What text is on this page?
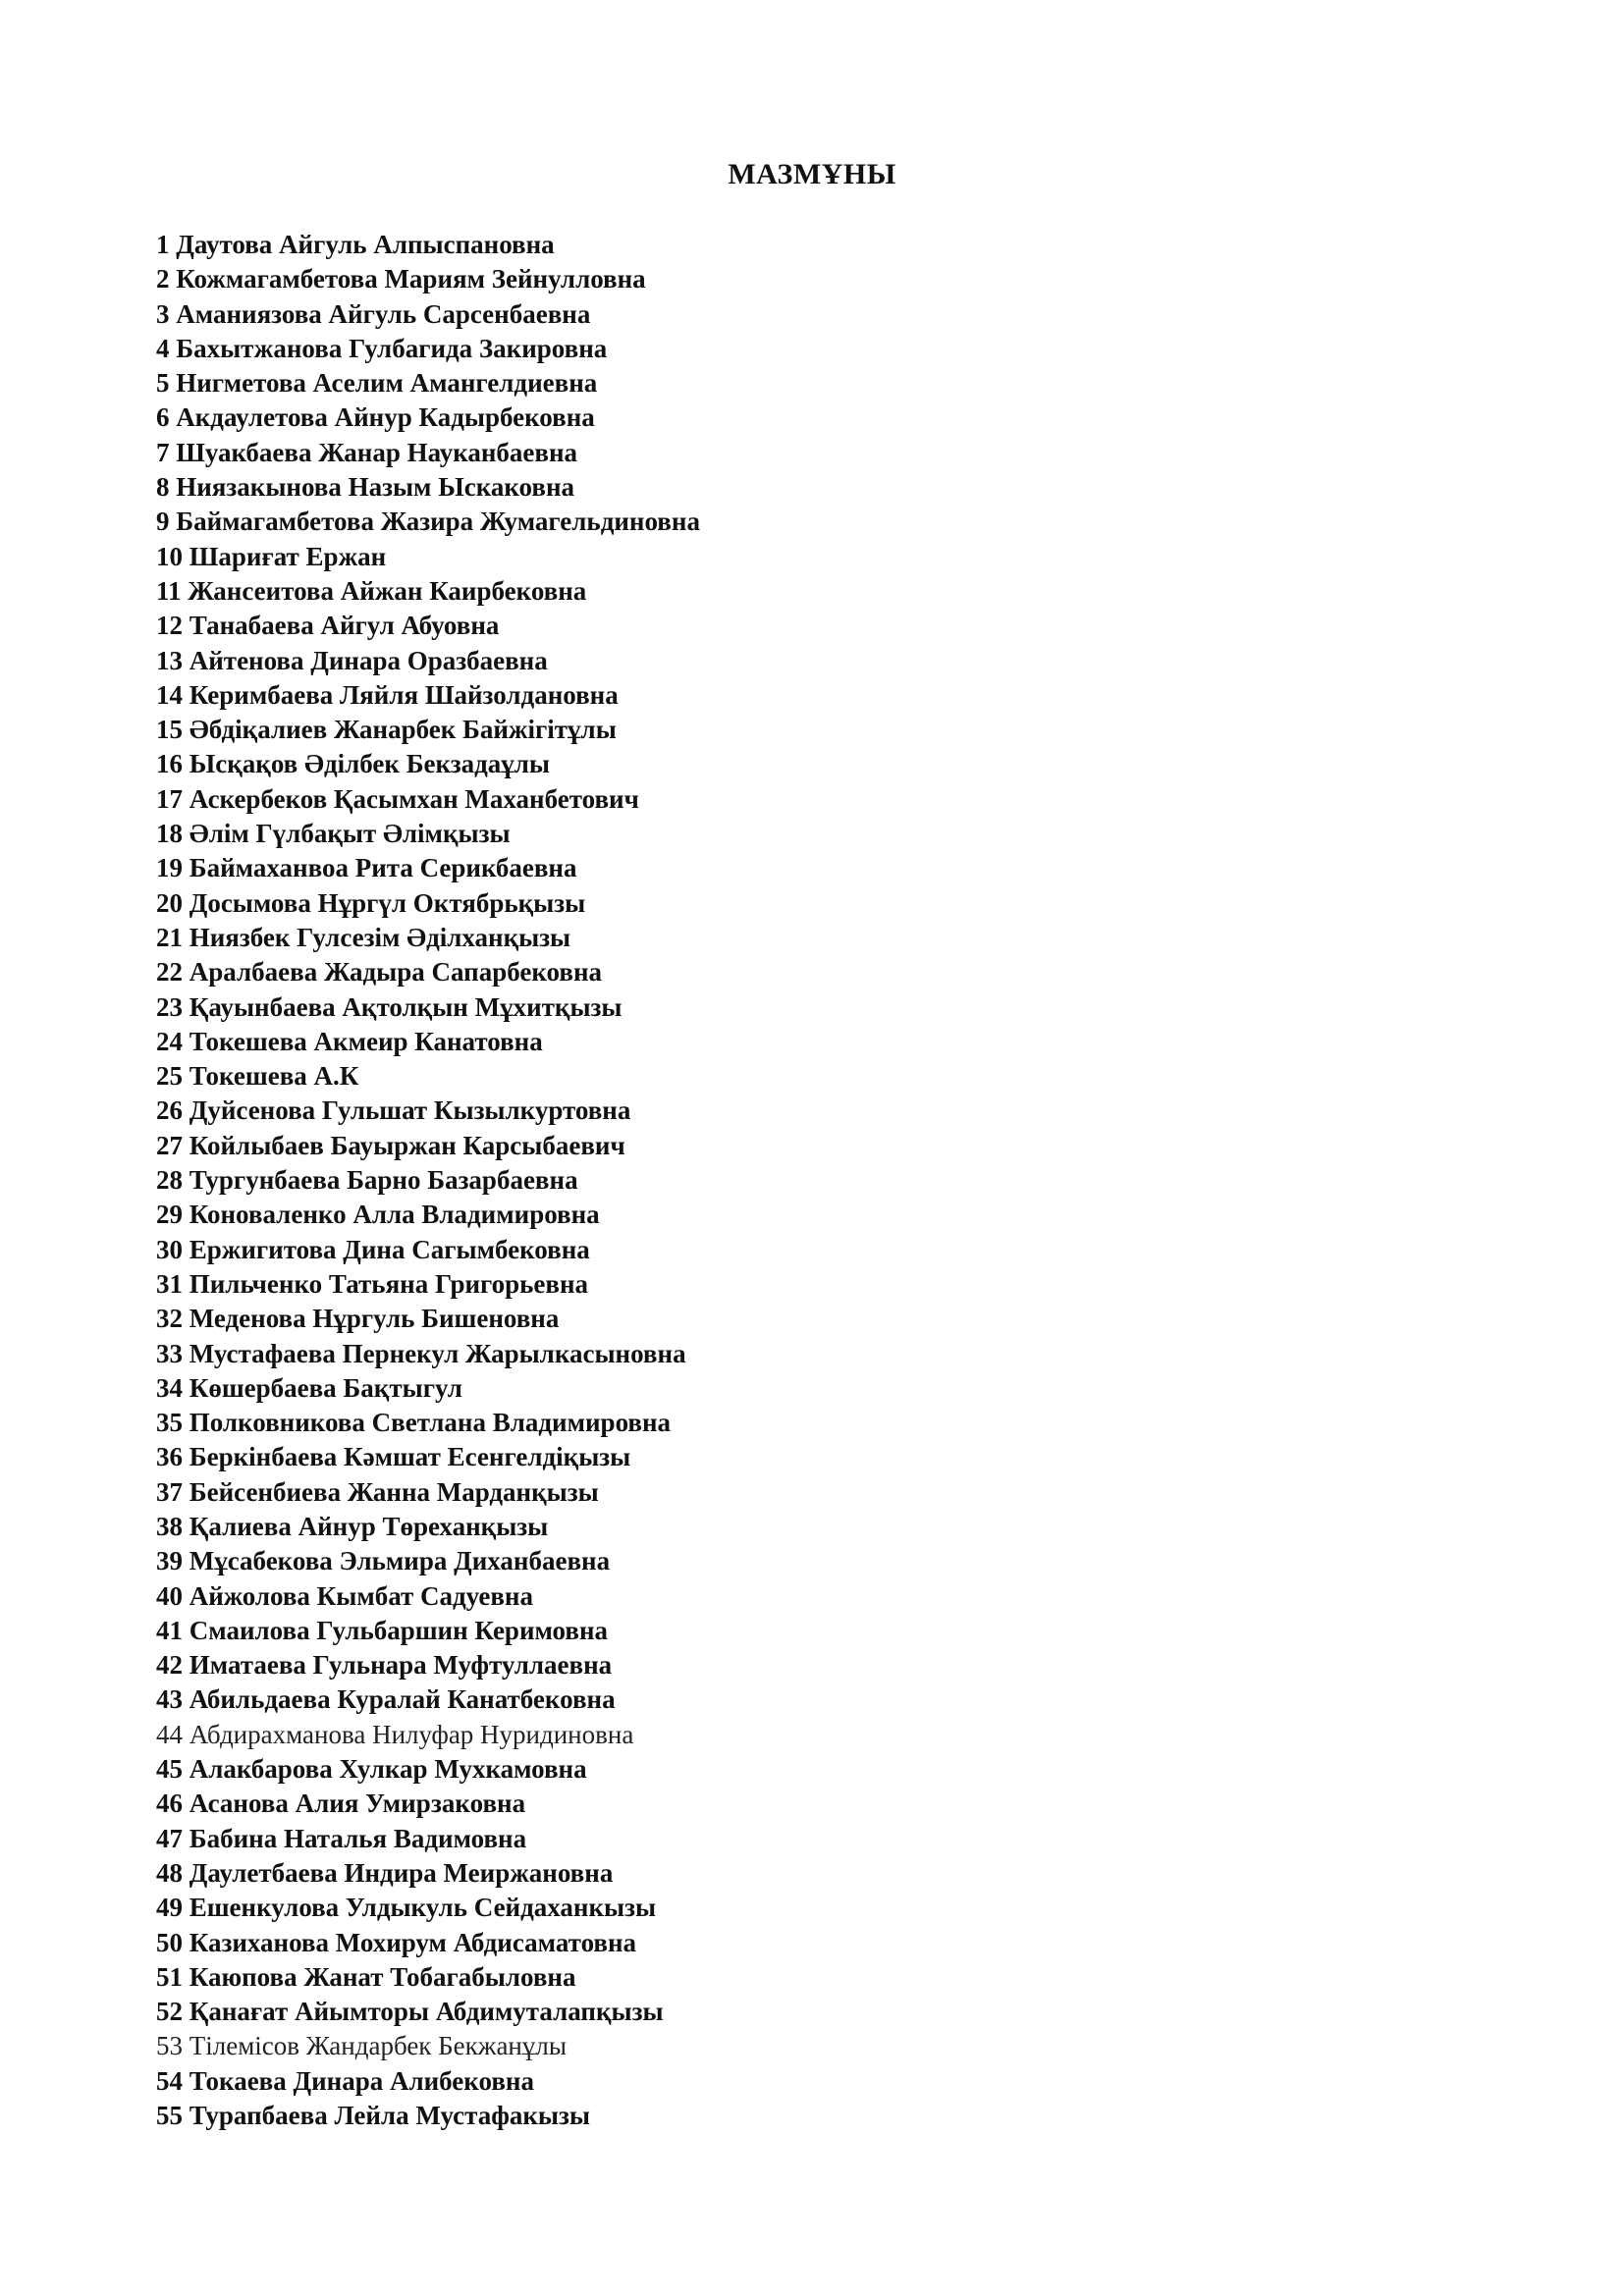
МАЗМҰНЫ
1 Даутова Айгуль Алпыспановна
2 Кожмагамбетова Мариям Зейнулловна
3 Аманиязова Айгуль Сарсенбаевна
4 Бахытжанова Гулбагида Закировна
5 Нигметова Аселим Амангелдиевна
6 Акдаулетова Айнур Кадырбековна
7 Шуакбаева Жанар Науканбаевна
8 Ниязакынова Назым Ыскаковна
9 Баймагамбетова Жазира Жумагельдиновна
10 Шариғат Ержан
11 Жансеитова Айжан Каирбековна
12 Танабаева Айгул Абуовна
13 Айтенова Динара Оразбаевна
14 Керимбаева Ляйля Шайзолдановна
15 Әбдіқалиев Жанарбек Байжігітұлы
16 Ысқақов Әділбек Бекзадаұлы
17 Аскербеков Қасымхан Маханбетович
18 Әлім Гүлбақыт Әлімқызы
19 Баймаханвоа Рита Серикбаевна
20 Досымова Нұргүл Октябрьқызы
21 Ниязбек Гулсезім Әділханқызы
22 Аралбаева Жадыра Сапарбековна
23 Қауынбаева Ақтолқын Мұхитқызы
24 Токешева Акмеир Канатовна
25 Токешева А.К
26 Дуйсенова Гульшат Кызылкуртовна
27 Койлыбаев Бауыржан Карсыбаевич
28 Тургунбаева Барно Базарбаевна
29 Коноваленко Алла Владимировна
30 Ержигитова Дина Сагымбековна
31 Пильченко Татьяна Григорьевна
32 Меденова Нұргуль Бишеновна
33 Мустафаева Пернекул Жарылкасыновна
34 Көшербаева Бақтыгул
35 Полковникова Светлана Владимировна
36 Беркінбаева Кәмшат Есенгелдіқызы
37 Бейсенбиева Жанна Марданқызы
38 Қалиева Айнур Төреханқызы
39 Мұсабекова Эльмира Диханбаевна
40 Айжолова Кымбат Садуевна
41 Смаилова Гульбаршин Керимовна
42 Иматаева Гульнара Муфтуллаевна
43 Абильдаева Куралай Канатбековна
44 Абдирахманова Нилуфар Нуридиновна
45 Алакбарова Хулкар Мухкамовна
46 Асанова Алия Умирзаковна
47 Бабина Наталья Вадимовна
48 Даулетбаева Индира Меиржановна
49 Ешенкулова Улдыкуль Сейдаханкызы
50 Казиханова Мохирум Абдисаматовна
51 Каюпова Жанат Тобагабыловна
52 Қанағат Айымторы Абдимуталапқызы
53 Тілемісов Жандарбек Бекжанұлы
54 Токаева Динара Алибековна
55 Турапбаева Лейла Мустафакызы
